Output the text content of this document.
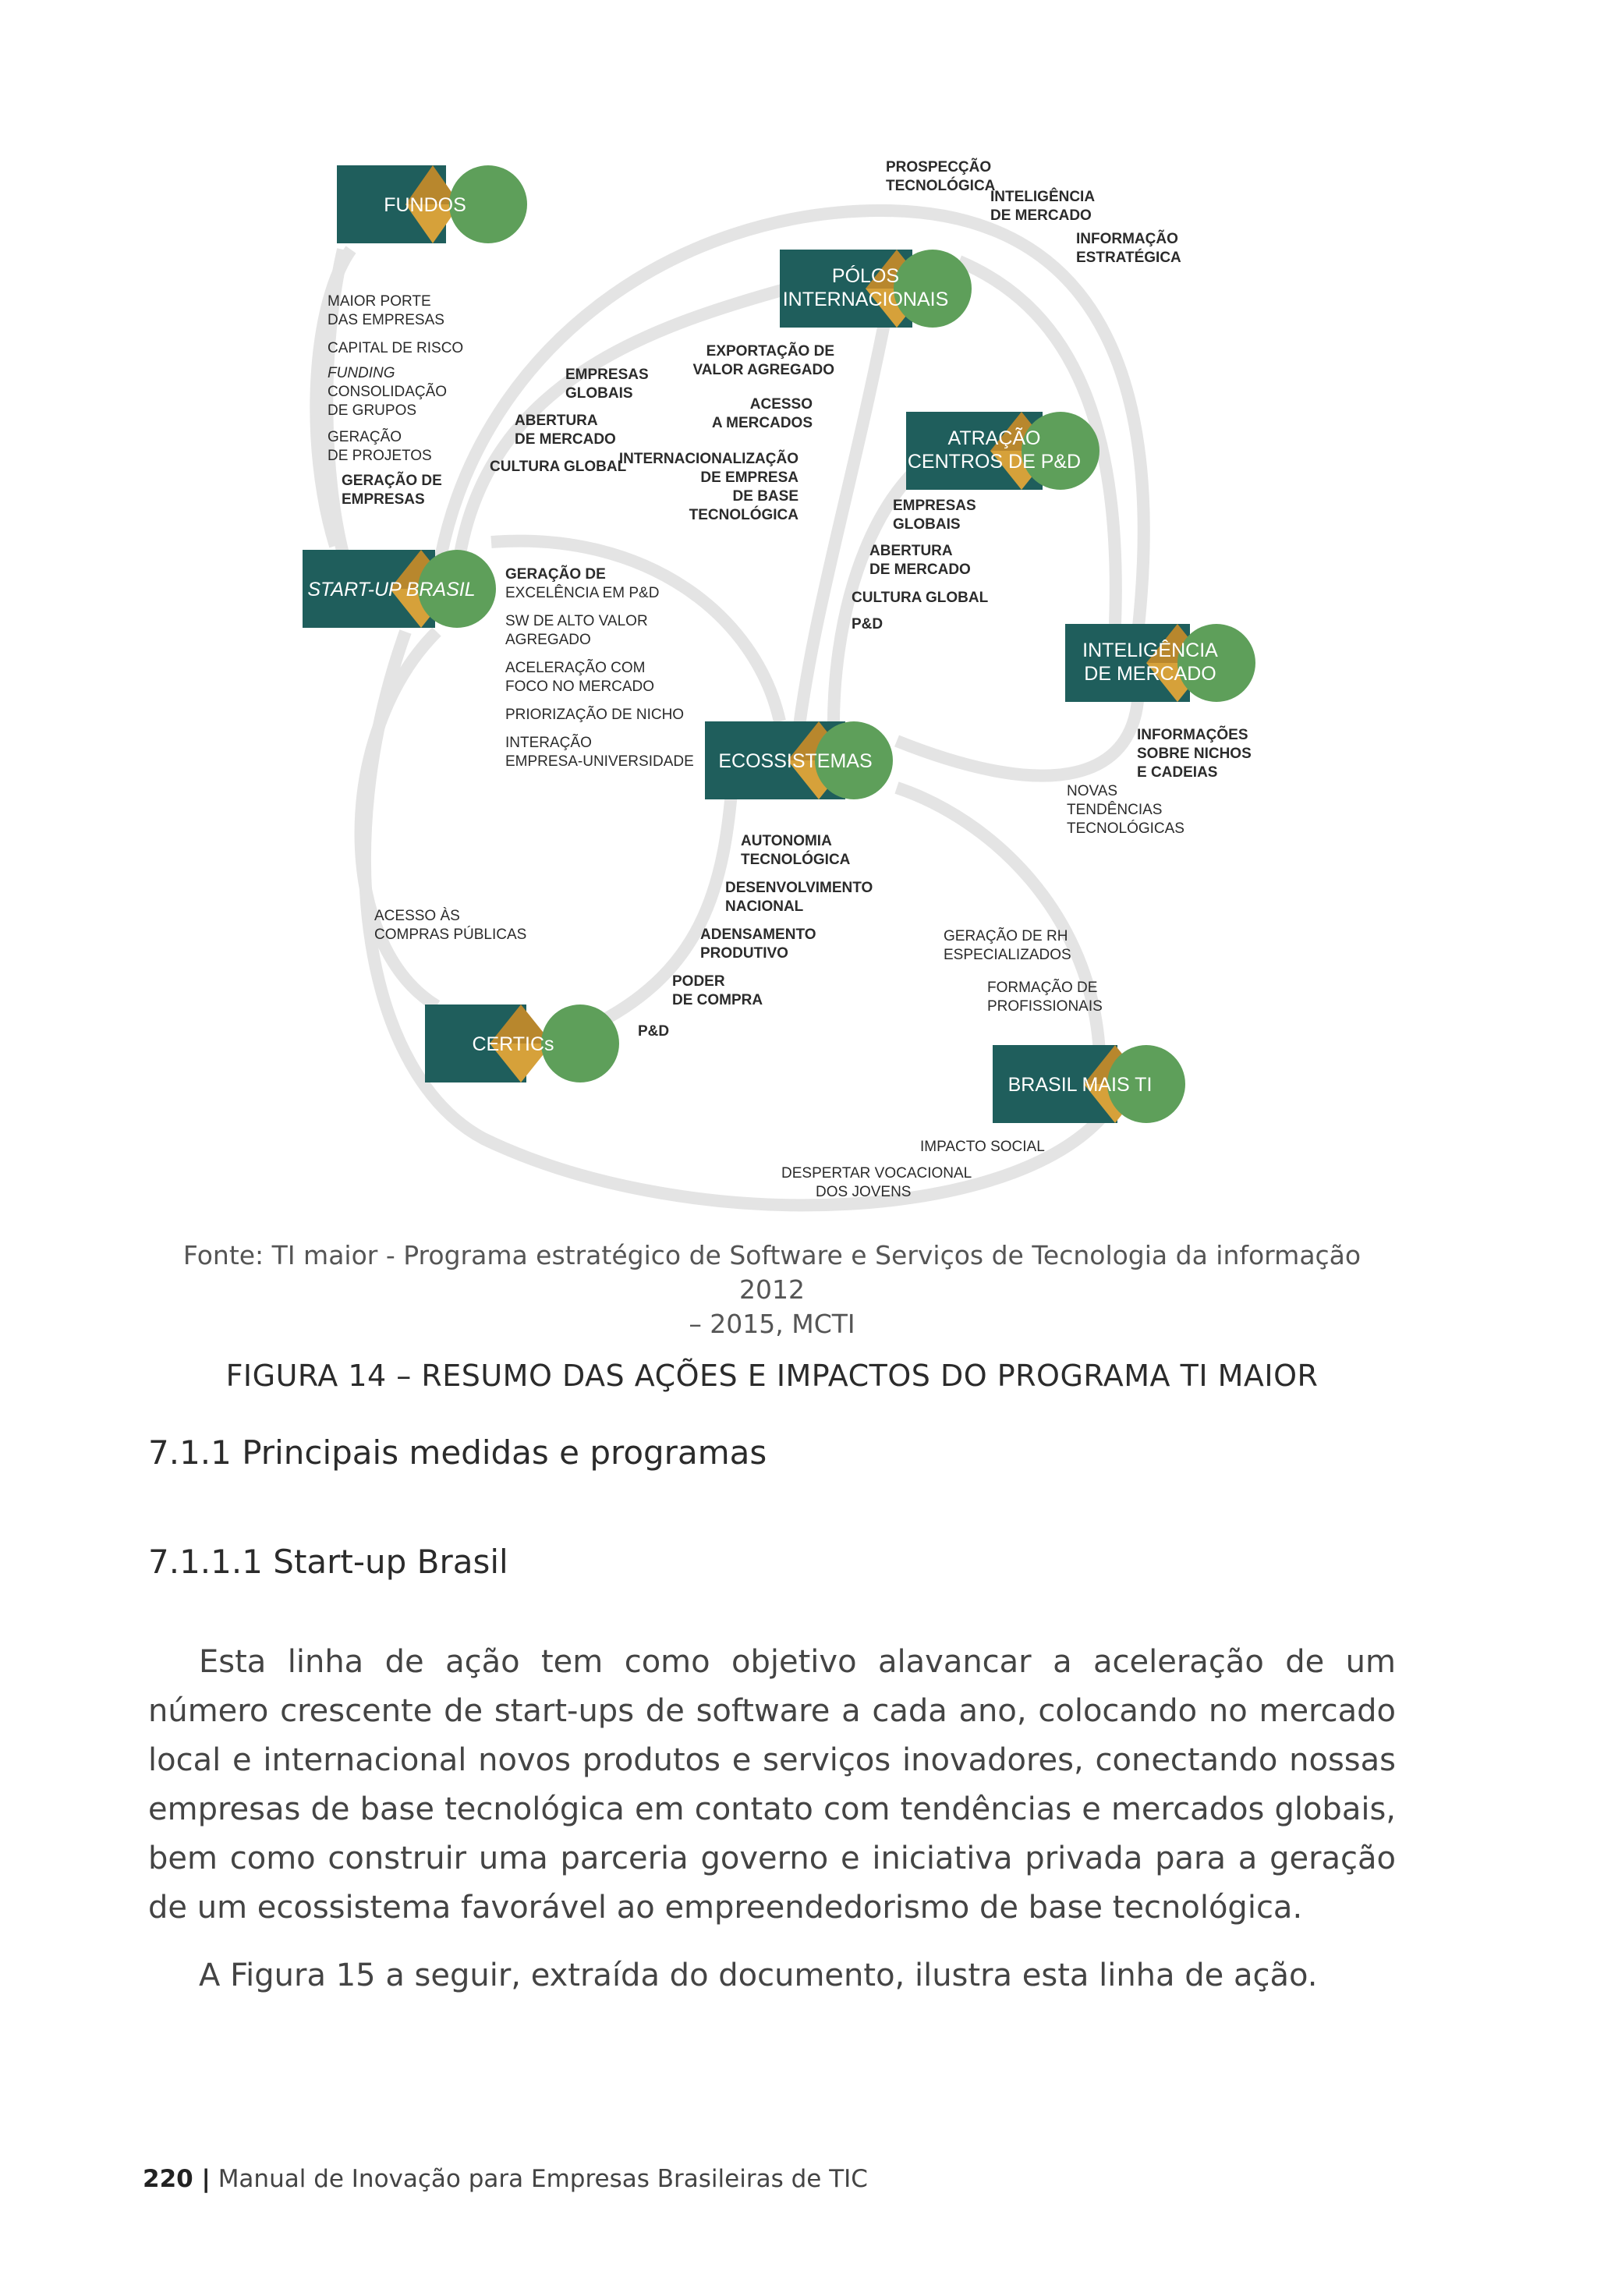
FUNDOS
PÓLOS
INTERNACIONAIS
ATRAÇÃO
CENTROS DE P&D
START-UP BRASIL
INTELIGÊNCIA
DE MERCADO
ECOSSISTEMAS
CERTICs
BRASIL MAIS TI
PROSPECÇÃO
TECNOLÓGICA
INTELIGÊNCIA
DE MERCADO
INFORMAÇÃO
ESTRATÉGICA
MAIOR PORTE
DAS EMPRESAS
CAPITAL DE RISCO
FUNDING
CONSOLIDAÇÃO
DE GRUPOS
GERAÇÃO
DE PROJETOS
GERAÇÃO DE
EMPRESAS
EMPRESAS
GLOBAIS
ABERTURA
DE MERCADO
CULTURA GLOBAL
EXPORTAÇÃO DE
VALOR AGREGADO
ACESSO
A MERCADOS
INTERNACIONALIZAÇÃO
DE EMPRESA
DE BASE
TECNOLÓGICA
EMPRESAS
GLOBAIS
ABERTURA
DE MERCADO
CULTURA GLOBAL
P&D
GERAÇÃO DE
EXCELÊNCIA EM P&D
SW DE ALTO VALOR
AGREGADO
ACELERAÇÃO COM
FOCO NO MERCADO
PRIORIZAÇÃO DE NICHO
INTERAÇÃO
EMPRESA-UNIVERSIDADE
INFORMAÇÕES
SOBRE NICHOS
E CADEIAS
NOVAS
TENDÊNCIAS
TECNOLÓGICAS
AUTONOMIA
TECNOLÓGICA
DESENVOLVIMENTO
NACIONAL
ADENSAMENTO
PRODUTIVO
PODER
DE COMPRA
P&D
ACESSO ÀS
COMPRAS PÚBLICAS	GERAÇÃO DE RH
ESPECIALIZADOS
FORMAÇÃO DE
PROFISSIONAIS
IMPACTO SOCIAL
DESPERTAR VOCACIONAL
DOS JOVENS
Fonte: TI maior - Programa estratégico de Software e Serviços de Tecnologia da informação 2012
– 2015, MCTI
FIGURA 14 – RESUMO DAS AÇÕES E IMPACTOS DO PROGRAMA TI MAIOR
7.1.1 Principais medidas e programas
7.1.1.1 Start-up Brasil

Esta linha de ação tem como objetivo alavancar a aceleração de um número crescente de start-ups de software a cada ano, colocando no mercado local e internacional novos produtos e serviços inovadores, conectando nossas empresas de base tecnológica em contato com tendências e mercados globais, bem como construir uma parceria governo e iniciativa privada para a geração de um ecossistema favorável ao empreendedorismo de base tecnológica.

A Figura 15 a seguir, extraída do documento, ilustra esta linha de ação.

220 | Manual de Inovação para Empresas Brasileiras de TIC
